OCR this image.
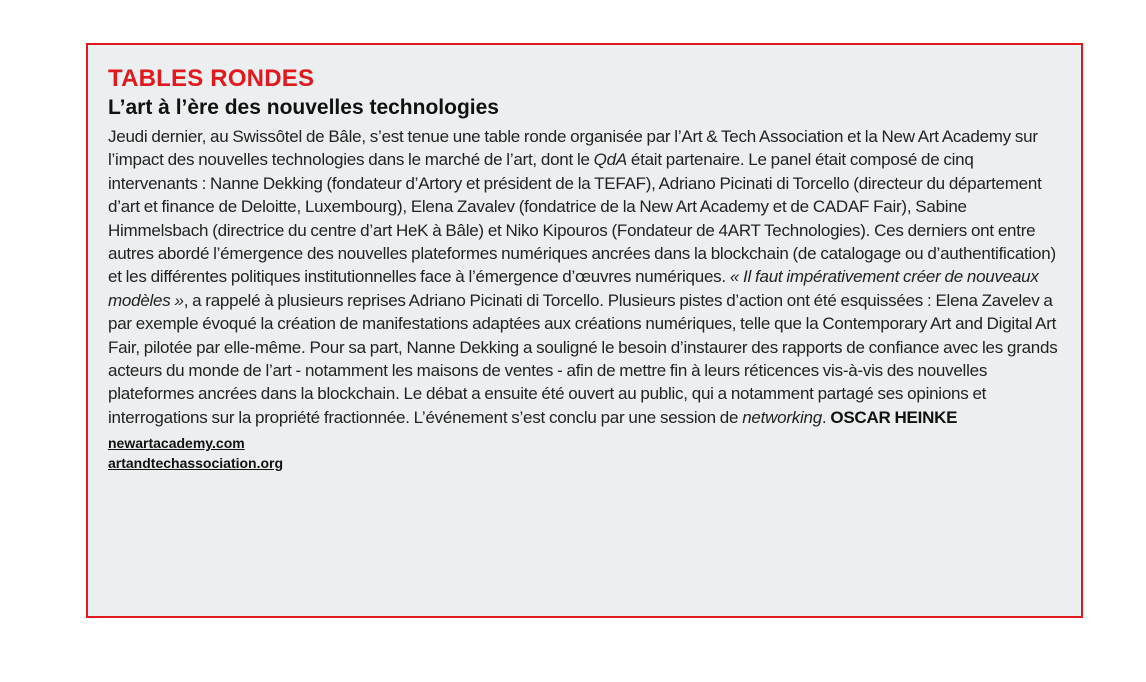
TABLES RONDES
L’art à l’ère des nouvelles technologies

Jeudi dernier, au Swissôtel de Bâle, s’est tenue une table ronde organisée par l’Art & Tech Association et la New Art Academy sur l’impact des nouvelles technologies dans le marché de l’art, dont le QdA était partenaire. Le panel était composé de cinq intervenants : Nanne Dekking (fondateur d’Artory et président de la TEFAF), Adriano Picinati di Torcello (directeur du département d’art et finance de Deloitte, Luxembourg), Elena Zavalev (fondatrice de la New Art Academy et de CADAF Fair), Sabine Himmelsbach (directrice du centre d’art HeK à Bâle) et Niko Kipouros (Fondateur de 4ART Technologies). Ces derniers ont entre autres abordé l’émergence des nouvelles plateformes numériques ancrées dans la blockchain (de catalogage ou d’authentification) et les différentes politiques institutionnelles face à l’émergence d’œuvres numériques. « Il faut impérativement créer de nouveaux modèles », a rappelé à plusieurs reprises Adriano Picinati di Torcello. Plusieurs pistes d’action ont été esquissées : Elena Zavelev a par exemple évoqué la création de manifestations adaptées aux créations numériques, telle que la Contemporary Art and Digital Art Fair, pilotée par elle-même. Pour sa part, Nanne Dekking a souligné le besoin d’instaurer des rapports de confiance avec les grands acteurs du monde de l’art - notamment les maisons de ventes - afin de mettre fin à leurs réticences vis-à-vis des nouvelles plateformes ancrées dans la blockchain. Le débat a ensuite été ouvert au public, qui a notamment partagé ses opinions et interrogations sur la propriété fractionnée. L’événement s’est conclu par une session de networking. OSCAR HEINKE

newartacademy.com
artandtechassociation.org
